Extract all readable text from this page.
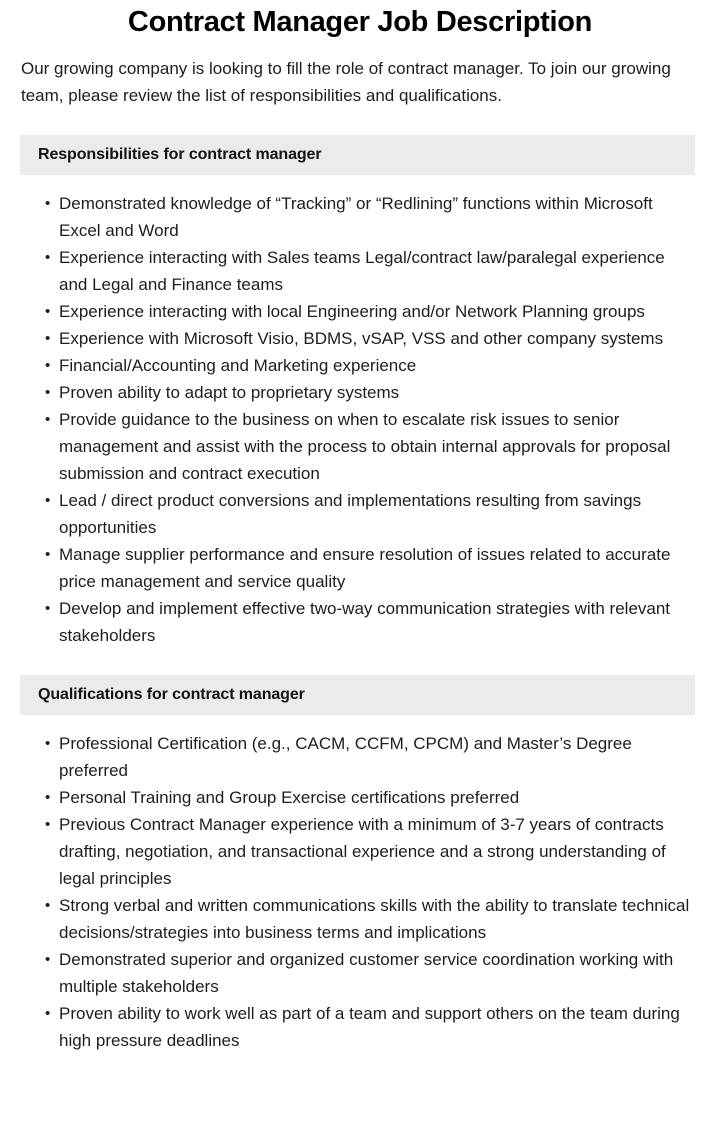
Contract Manager Job Description

Our growing company is looking to fill the role of contract manager. To join our growing team, please review the list of responsibilities and qualifications.

Responsibilities for contract manager
• Demonstrated knowledge of “Tracking” or “Redlining” functions within Microsoft Excel and Word
• Experience interacting with Sales teams Legal/contract law/paralegal experience and Legal and Finance teams
• Experience interacting with local Engineering and/or Network Planning groups
• Experience with Microsoft Visio, BDMS, vSAP, VSS and other company systems
• Financial/Accounting and Marketing experience
• Proven ability to adapt to proprietary systems
• Provide guidance to the business on when to escalate risk issues to senior management and assist with the process to obtain internal approvals for proposal submission and contract execution
• Lead / direct product conversions and implementations resulting from savings opportunities
• Manage supplier performance and ensure resolution of issues related to accurate price management and service quality
• Develop and implement effective two-way communication strategies with relevant stakeholders
Qualifications for contract manager
• Professional Certification (e.g., CACM, CCFM, CPCM) and Master’s Degree preferred
• Personal Training and Group Exercise certifications preferred
• Previous Contract Manager experience with a minimum of 3-7 years of contracts drafting, negotiation, and transactional experience and a strong understanding of legal principles
• Strong verbal and written communications skills with the ability to translate technical decisions/strategies into business terms and implications
• Demonstrated superior and organized customer service coordination working with multiple stakeholders
• Proven ability to work well as part of a team and support others on the team during high pressure deadlines
